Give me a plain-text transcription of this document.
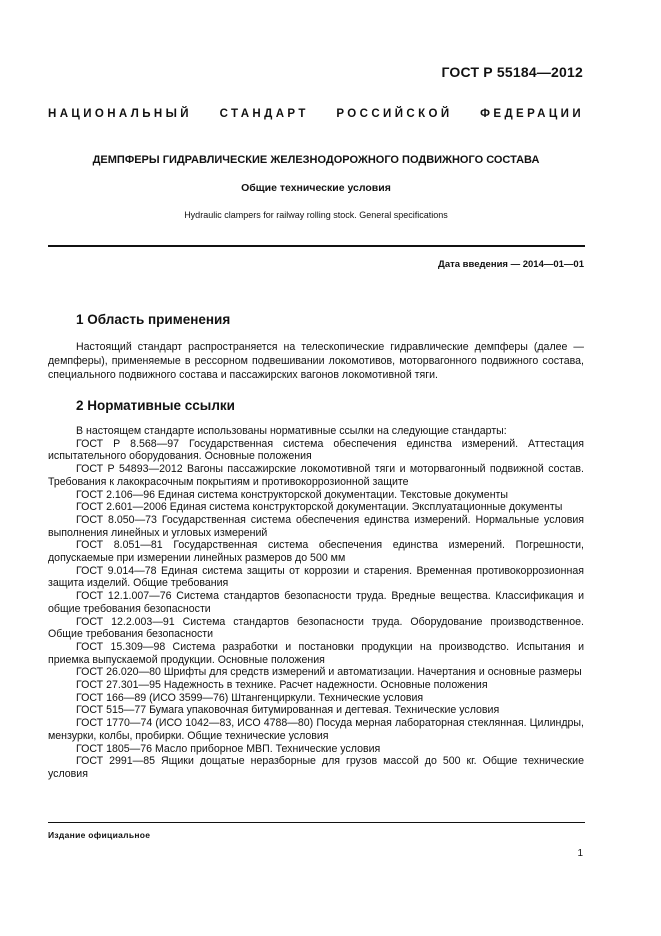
ГОСТ Р 55184—2012
НАЦИОНАЛЬНЫЙ СТАНДАРТ РОССИЙСКОЙ ФЕДЕРАЦИИ
ДЕМПФЕРЫ ГИДРАВЛИЧЕСКИЕ ЖЕЛЕЗНОДОРОЖНОГО ПОДВИЖНОГО СОСТАВА
Общие технические условия
Hydraulic clampers for railway rolling stock. General specifications
Дата введения — 2014—01—01
1 Область применения

Настоящий стандарт распространяется на телескопические гидравлические демпферы (далее — демпферы), применяемые в рессорном подвешивании локомотивов, моторвагонного подвижного состава, специального подвижного состава и пассажирских вагонов локомотивной тяги.

2 Нормативные ссылки
В настоящем стандарте использованы нормативные ссылки на следующие стандарты:
ГОСТ Р 8.568—97 Государственная система обеспечения единства измерений. Аттестация испытательного оборудования. Основные положения
ГОСТ Р 54893—2012 Вагоны пассажирские локомотивной тяги и моторвагонный подвижной состав. Требования к лакокрасочным покрытиям и противокоррозионной защите
ГОСТ 2.106—96 Единая система конструкторской документации. Текстовые документы
ГОСТ 2.601—2006 Единая система конструкторской документации. Эксплуатационные документы
ГОСТ 8.050—73 Государственная система обеспечения единства измерений. Нормальные условия выполнения линейных и угловых измерений
ГОСТ 8.051—81 Государственная система обеспечения единства измерений. Погрешности, допускаемые при измерении линейных размеров до 500 мм
ГОСТ 9.014—78 Единая система защиты от коррозии и старения. Временная противокоррозионная защита изделий. Общие требования
ГОСТ 12.1.007—76 Система стандартов безопасности труда. Вредные вещества. Классификация и общие требования безопасности
ГОСТ 12.2.003—91 Система стандартов безопасности труда. Оборудование производственное. Общие требования безопасности
ГОСТ 15.309—98 Система разработки и постановки продукции на производство. Испытания и приемка выпускаемой продукции. Основные положения
ГОСТ 26.020—80 Шрифты для средств измерений и автоматизации. Начертания и основные размеры
ГОСТ 27.301—95 Надежность в технике. Расчет надежности. Основные положения
ГОСТ 166—89 (ИСО 3599—76) Штангенциркули. Технические условия
ГОСТ 515—77 Бумага упаковочная битумированная и дегтевая. Технические условия
ГОСТ 1770—74 (ИСО 1042—83, ИСО 4788—80) Посуда мерная лабораторная стеклянная. Цилиндры, мензурки, колбы, пробирки. Общие технические условия
ГОСТ 1805—76 Масло приборное МВП. Технические условия
ГОСТ 2991—85 Ящики дощатые неразборные для грузов массой до 500 кг. Общие технические условия
Издание официальное
1
